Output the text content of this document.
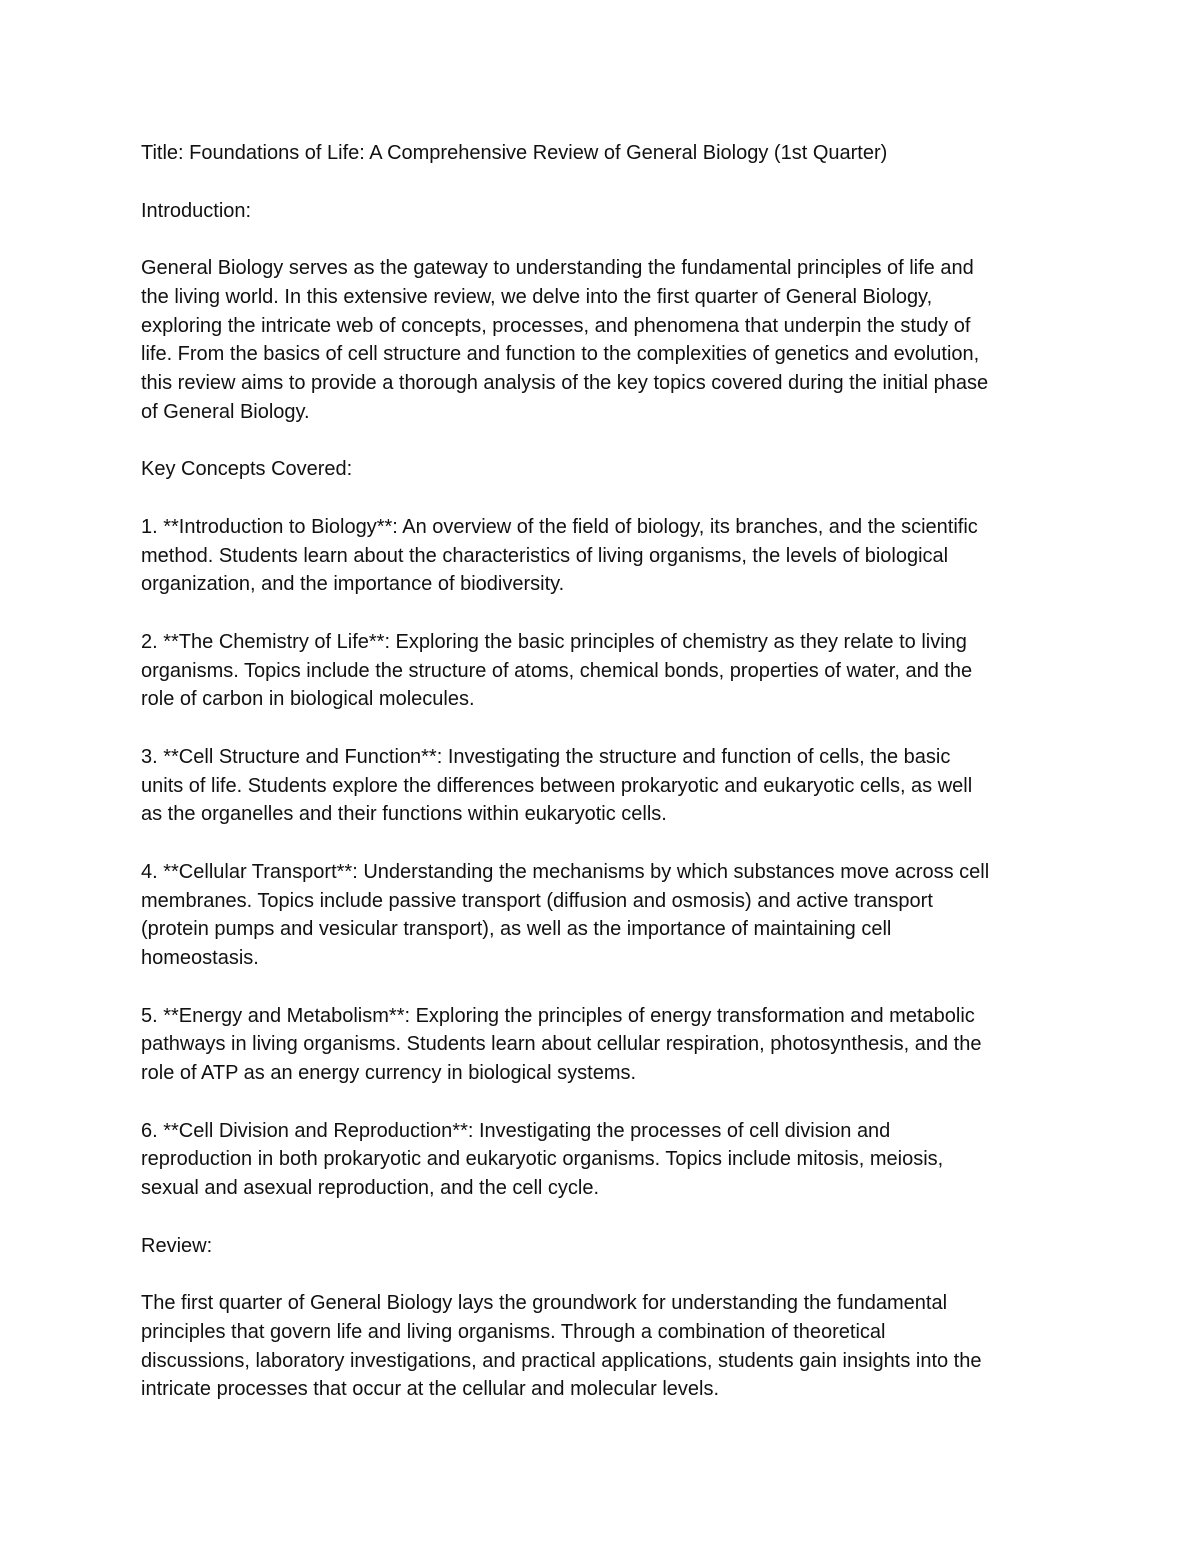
Title: Foundations of Life: A Comprehensive Review of General Biology (1st Quarter)

Introduction:

General Biology serves as the gateway to understanding the fundamental principles of life and
the living world. In this extensive review, we delve into the first quarter of General Biology,
exploring the intricate web of concepts, processes, and phenomena that underpin the study of
life. From the basics of cell structure and function to the complexities of genetics and evolution,
this review aims to provide a thorough analysis of the key topics covered during the initial phase
of General Biology.

Key Concepts Covered:

1. **Introduction to Biology**: An overview of the field of biology, its branches, and the scientific
method. Students learn about the characteristics of living organisms, the levels of biological
organization, and the importance of biodiversity.

2. **The Chemistry of Life**: Exploring the basic principles of chemistry as they relate to living
organisms. Topics include the structure of atoms, chemical bonds, properties of water, and the
role of carbon in biological molecules.

3. **Cell Structure and Function**: Investigating the structure and function of cells, the basic
units of life. Students explore the differences between prokaryotic and eukaryotic cells, as well
as the organelles and their functions within eukaryotic cells.

4. **Cellular Transport**: Understanding the mechanisms by which substances move across cell
membranes. Topics include passive transport (diffusion and osmosis) and active transport
(protein pumps and vesicular transport), as well as the importance of maintaining cell
homeostasis.

5. **Energy and Metabolism**: Exploring the principles of energy transformation and metabolic
pathways in living organisms. Students learn about cellular respiration, photosynthesis, and the
role of ATP as an energy currency in biological systems.

6. **Cell Division and Reproduction**: Investigating the processes of cell division and
reproduction in both prokaryotic and eukaryotic organisms. Topics include mitosis, meiosis,
sexual and asexual reproduction, and the cell cycle.

Review:

The first quarter of General Biology lays the groundwork for understanding the fundamental
principles that govern life and living organisms. Through a combination of theoretical
discussions, laboratory investigations, and practical applications, students gain insights into the
intricate processes that occur at the cellular and molecular levels.
